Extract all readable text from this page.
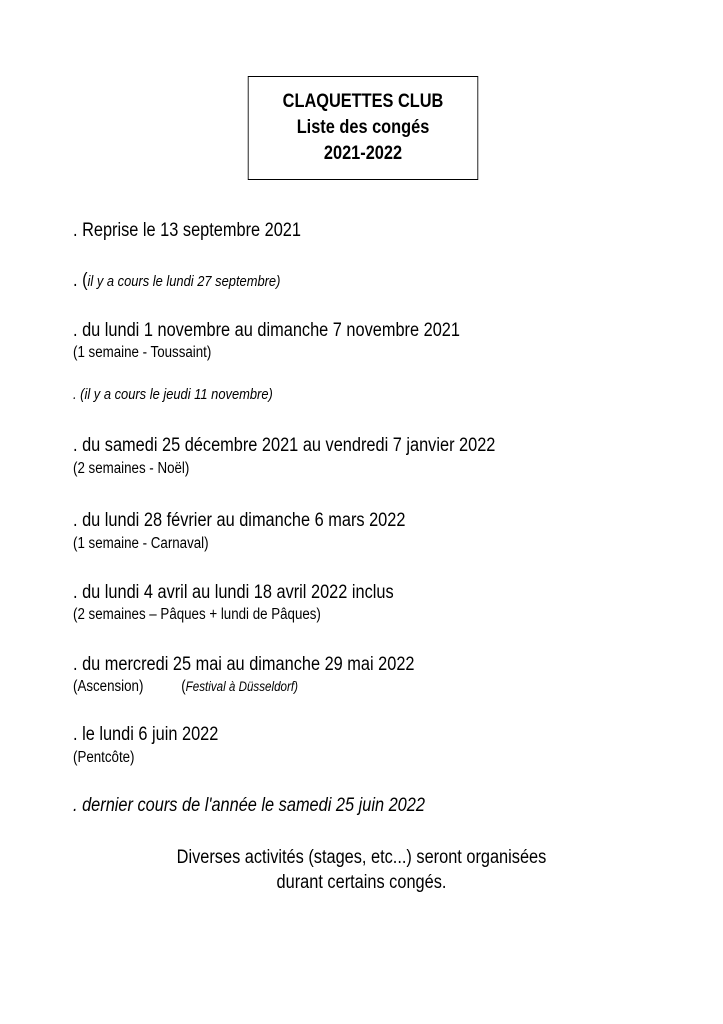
CLAQUETTES CLUB
Liste des congés
2021-2022
. Reprise le 13 septembre 2021
. (il y a cours le lundi 27 septembre)
. du lundi 1 novembre au dimanche 7 novembre 2021
(1 semaine - Toussaint)
. (il y a cours le jeudi 11 novembre)
. du samedi 25 décembre 2021 au vendredi 7 janvier 2022
(2 semaines - Noël)
. du lundi 28 février au dimanche 6 mars 2022
(1 semaine - Carnaval)
. du lundi 4 avril au lundi 18 avril 2022 inclus
(2 semaines – Pâques + lundi de Pâques)
. du mercredi 25 mai au dimanche 29 mai 2022
(Ascension) (Festival à Düsseldorf)
. le lundi 6 juin 2022
(Pentcôte)
. dernier cours de l'année le samedi 25 juin 2022
Diverses activités (stages, etc...) seront organisées
durant certains congés.
